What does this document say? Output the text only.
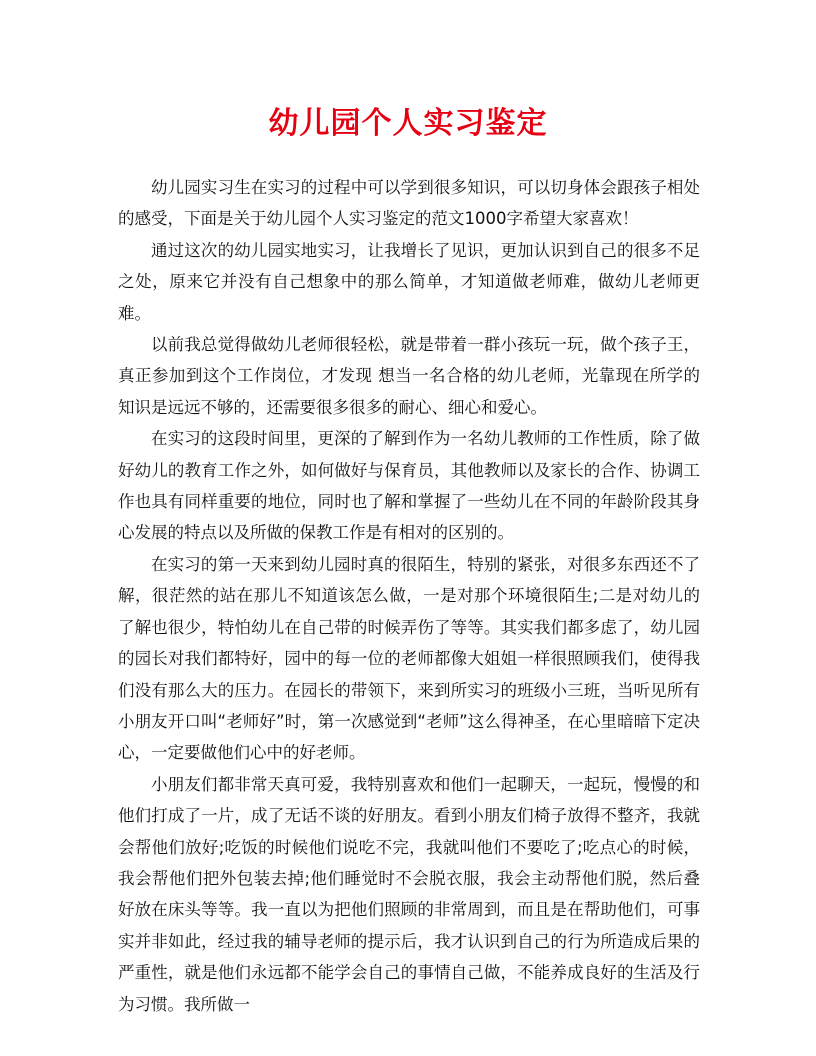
幼儿园个人实习鉴定

幼儿园实习生在实习的过程中可以学到很多知识，可以切身体会跟孩子相处的感受，下面是关于幼儿园个人实习鉴定的范文1000字希望大家喜欢！

通过这次的幼儿园实地实习，让我增长了见识，更加认识到自己的很多不足之处，原来它并没有自己想象中的那么简单，才知道做老师难，做幼儿老师更难。

以前我总觉得做幼儿老师很轻松，就是带着一群小孩玩一玩，做个孩子王，真正参加到这个工作岗位，才发现 想当一名合格的幼儿老师，光靠现在所学的知识是远远不够的，还需要很多很多的耐心、细心和爱心。

在实习的这段时间里，更深的了解到作为一名幼儿教师的工作性质，除了做好幼儿的教育工作之外，如何做好与保育员，其他教师以及家长的合作、协调工作也具有同样重要的地位，同时也了解和掌握了一些幼儿在不同的年龄阶段其身心发展的特点以及所做的保教工作是有相对的区别的。

在实习的第一天来到幼儿园时真的很陌生，特别的紧张，对很多东西还不了解，很茫然的站在那儿不知道该怎么做，一是对那个环境很陌生;二是对幼儿的了解也很少，特怕幼儿在自己带的时候弄伤了等等。其实我们都多虑了，幼儿园的园长对我们都特好，园中的每一位的老师都像大姐姐一样很照顾我们，使得我们没有那么大的压力。在园长的带领下，来到所实习的班级小三班，当听见所有小朋友开口叫“老师好”时，第一次感觉到“老师”这么得神圣，在心里暗暗下定决心，一定要做他们心中的好老师。

小朋友们都非常天真可爱，我特别喜欢和他们一起聊天，一起玩，慢慢的和他们打成了一片，成了无话不谈的好朋友。看到小朋友们椅子放得不整齐，我就会帮他们放好;吃饭的时候他们说吃不完，我就叫他们不要吃了;吃点心的时候，我会帮他们把外包装去掉;他们睡觉时不会脱衣服，我会主动帮他们脱，然后叠好放在床头等等。我一直以为把他们照顾的非常周到，而且是在帮助他们，可事实并非如此，经过我的辅导老师的提示后，我才认识到自己的行为所造成后果的严重性，就是他们永远都不能学会自己的事情自己做，不能养成良好的生活及行为习惯。我所做一
